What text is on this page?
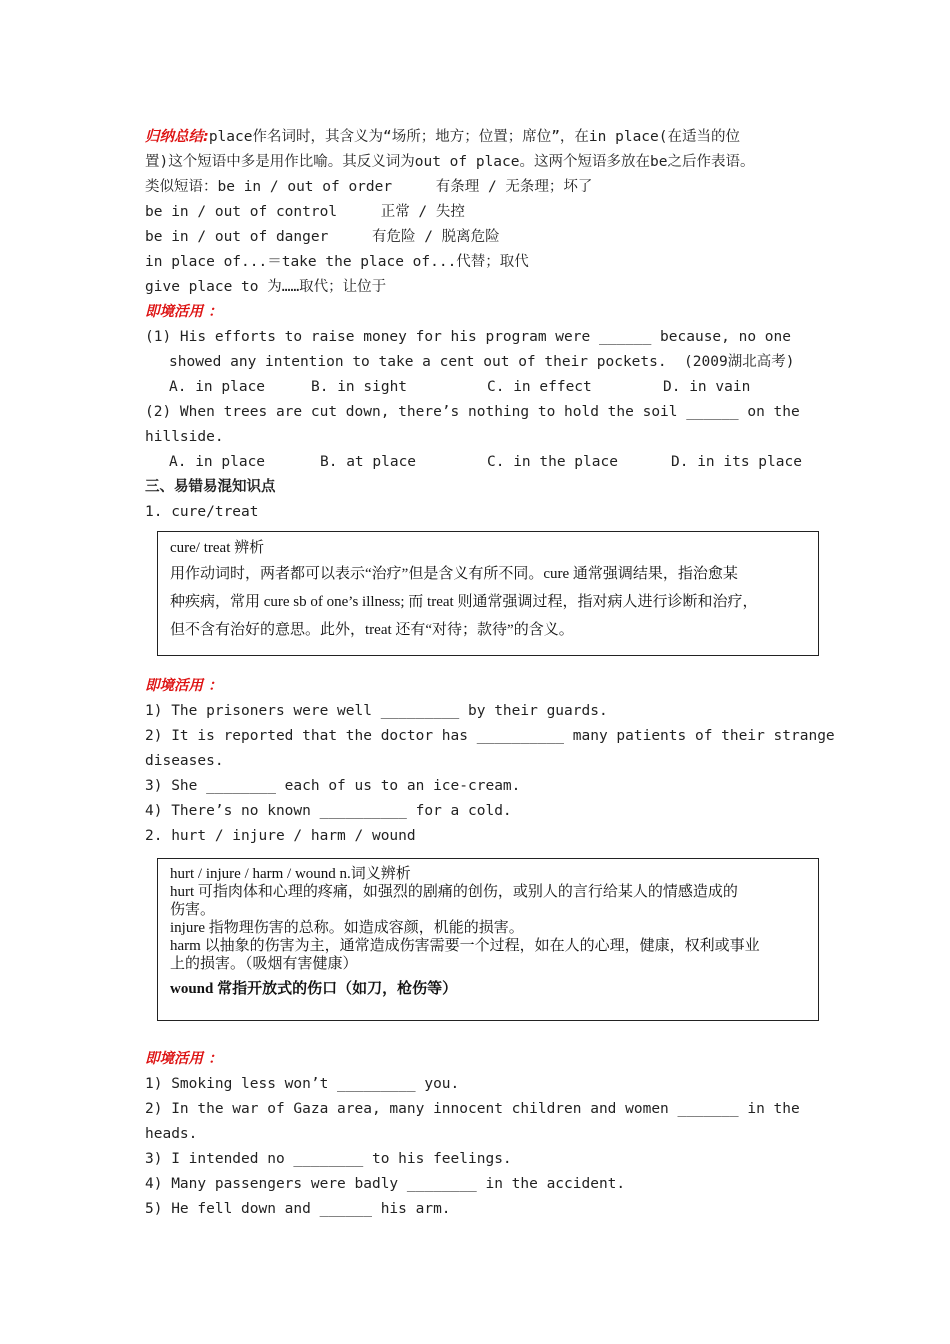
归纳总结:place作名词时，其含义为“场所；地方；位置；席位”，在in place(在适当的位
置)这个短语中多是用作比喻。其反义词为out of place。这两个短语多放在be之后作表语。
类似短语：be in / out of order     有条理 / 无条理；坏了
be in / out of control     正常 / 失控
be in / out of danger     有危险 / 脱离危险
in place of...＝take the place of...代替；取代
give place to 为……取代；让位于
即境活用 ：
(1) His efforts to raise money for his program were ______ because, no one
showed any intention to take a cent out of their pockets.  (2009湖北高考)
A. in place	B. in sight	C. in effect	D. in vain
(2) When trees are cut down, there’s nothing to hold the soil ______ on the
hillside.
A. in place	B. at place	C. in the place	D. in its place
三、易错易混知识点
1. cure/treat
cure/ treat 辨析
用作动词时，两者都可以表示“治疗”但是含义有所不同。cure 通常强调结果，指治愈某
种疾病，常用 cure sb of one’s illness; 而 treat 则通常强调过程，指对病人进行诊断和治疗，
但不含有治好的意思。此外，treat 还有“对待；款待”的含义。
即境活用 ：
1) The prisoners were well _________ by their guards.
2) It is reported that the doctor has __________ many patients of their strange
diseases.
3) She ________ each of us to an ice-cream.
4) There’s no known __________ for a cold.
2. hurt / injure / harm / wound
hurt / injure / harm / wound n.词义辨析
hurt 可指肉体和心理的疼痛，如强烈的剧痛的创伤，或别人的言行给某人的情感造成的
伤害。
injure 指物理伤害的总称。如造成容颜，机能的损害。
harm 以抽象的伤害为主，通常造成伤害需要一个过程，如在人的心理，健康，权利或事业
上的损害。（吸烟有害健康）
wound 常指开放式的伤口（如刀，枪伤等）
即境活用 ：
1) Smoking less won’t _________ you.
2) In the war of Gaza area, many innocent children and women _______ in the
heads.
3) I intended no ________ to his feelings.
4) Many passengers were badly ________ in the accident.
5) He fell down and ______ his arm.
